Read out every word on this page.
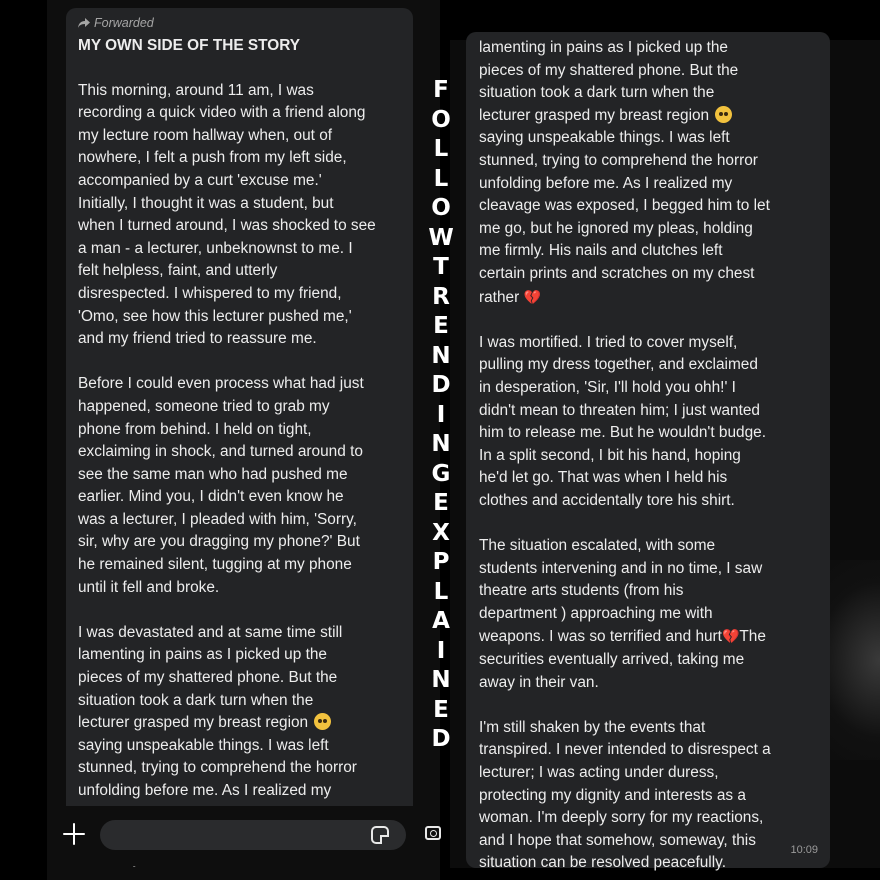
Forwarded
MY OWN SIDE OF THE STORY

This morning, around 11 am, I was
recording a quick video with a friend along
my lecture room hallway when, out of
nowhere, I felt a push from my left side,
accompanied by a curt 'excuse me.'
Initially, I thought it was a student, but
when I turned around, I was shocked to see
a man - a lecturer, unbeknownst to me. I
felt helpless, faint, and utterly
disrespected. I whispered to my friend,
'Omo, see how this lecturer pushed me,'
and my friend tried to reassure me.

Before I could even process what had just
happened, someone tried to grab my
phone from behind. I held on tight,
exclaiming in shock, and turned around to
see the same man who had pushed me
earlier. Mind you, I didn't even know he
was a lecturer, I pleaded with him, 'Sorry,
sir, why are you dragging my phone?' But
he remained silent, tugging at my phone
until it fell and broke.

I was devastated and at same time still
lamenting in pains as I picked up the
pieces of my shattered phone. But the
situation took a dark turn when the
lecturer grasped my breast region

saying unspeakable things. I was left
stunned, trying to comprehend the horror
unfolding before me. As I realized my

lamenting in pains as I picked up the
pieces of my shattered phone. But the
situation took a dark turn when the
lecturer grasped my breast region

saying unspeakable things. I was left
stunned, trying to comprehend the horror
unfolding before me. As I realized my
cleavage was exposed, I begged him to let
me go, but he ignored my pleas, holding
me firmly. His nails and clutches left
certain prints and scratches on my chest
rather 💔

I was mortified. I tried to cover myself,
pulling my dress together, and exclaimed
in desperation, 'Sir, I'll hold you ohh!' I
didn't mean to threaten him; I just wanted
him to release me. But he wouldn't budge.
In a split second, I bit his hand, hoping
he'd let go. That was when I held his
clothes and accidentally tore his shirt.

The situation escalated, with some
students intervening and in no time, I saw
theatre arts students (from his
department ) approaching me with
weapons. I was so terrified and hurt💔The
securities eventually arrived, taking me
away in their van.

I'm still shaken by the events that
transpired. I never intended to disrespect a
lecturer; I was acting under duress,
protecting my dignity and interests as a
woman. I'm deeply sorry for my reactions,
and I hope that somehow, someway, this
situation can be resolved peacefully.

10:09
F
O
L
L
O
W
T
R
E
N
D
I
N
G
E
X
P
L
A
I
N
E
D
